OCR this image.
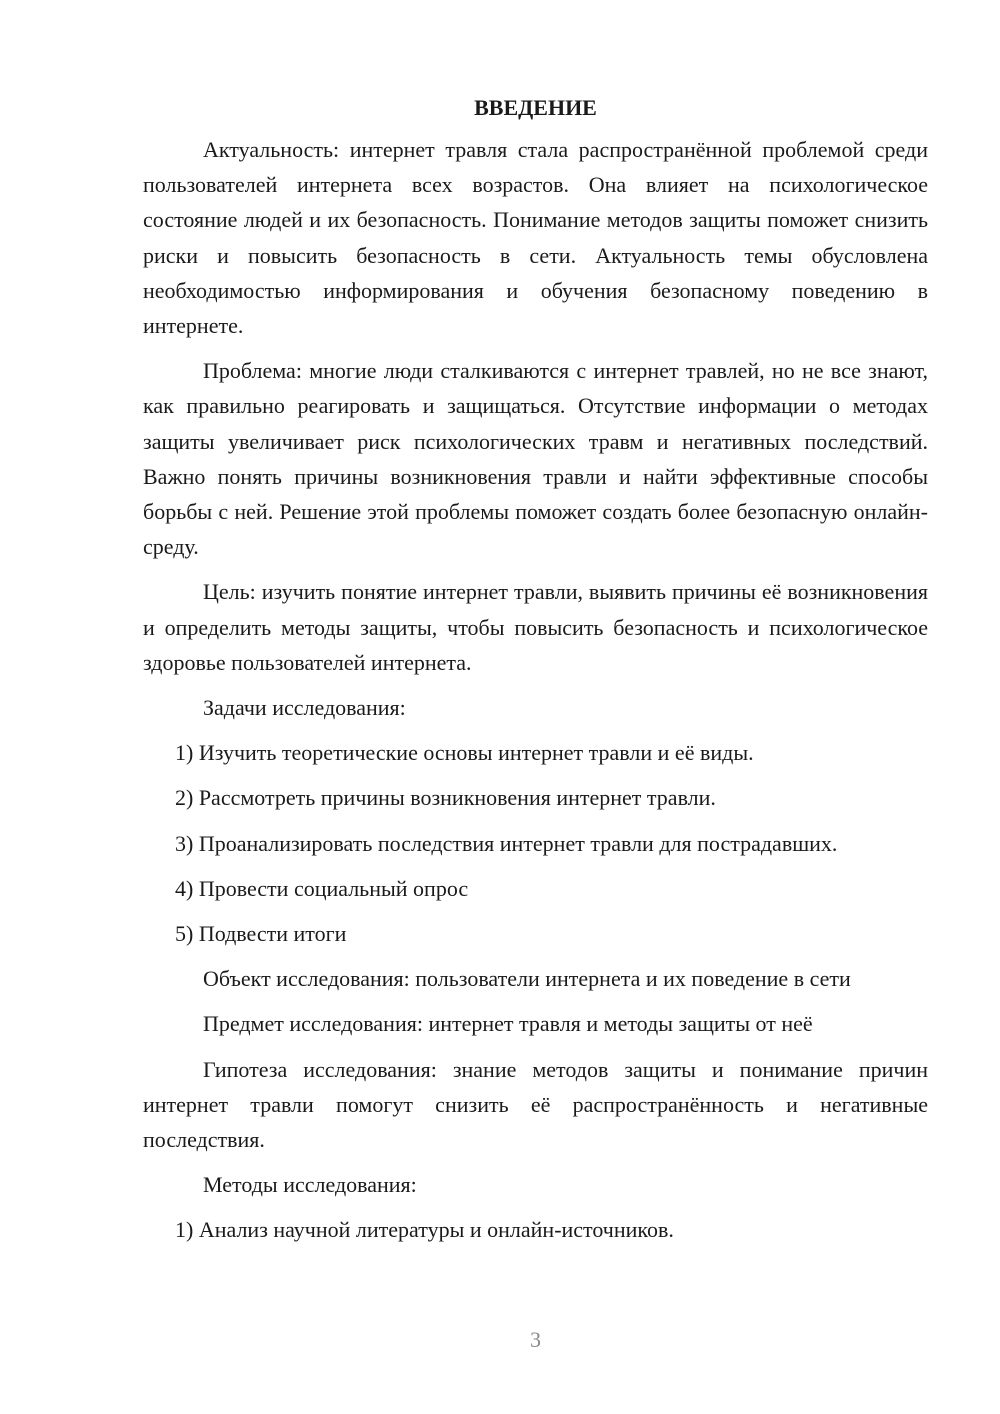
ВВЕДЕНИЕ

Актуальность: интернет травля стала распространённой проблемой среди пользователей интернета всех возрастов. Она влияет на психологическое состояние людей и их безопасность. Понимание методов защиты поможет снизить риски и повысить безопасность в сети. Актуальность темы обусловлена необходимостью информирования и обучения безопасному поведению в интернете.

Проблема: многие люди сталкиваются с интернет травлей, но не все знают, как правильно реагировать и защищаться. Отсутствие информации о методах защиты увеличивает риск психологических травм и негативных последствий. Важно понять причины возникновения травли и найти эффективные способы борьбы с ней. Решение этой проблемы поможет создать более безопасную онлайн-среду.

Цель: изучить понятие интернет травли, выявить причины её возникновения и определить методы защиты, чтобы повысить безопасность и психологическое здоровье пользователей интернета.

Задачи исследования:
1) Изучить теоретические основы интернет травли и её виды.
2) Рассмотреть причины возникновения интернет травли.
3) Проанализировать последствия интернет травли для пострадавших.
4) Провести социальный опрос
5) Подвести итоги

Объект исследования: пользователи интернета и их поведение в сети

Предмет исследования: интернет травля и методы защиты от неё

Гипотеза исследования: знание методов защиты и понимание причин интернет травли помогут снизить её распространённость и негативные последствия.

Методы исследования:
1) Анализ научной литературы и онлайн-источников.
3
